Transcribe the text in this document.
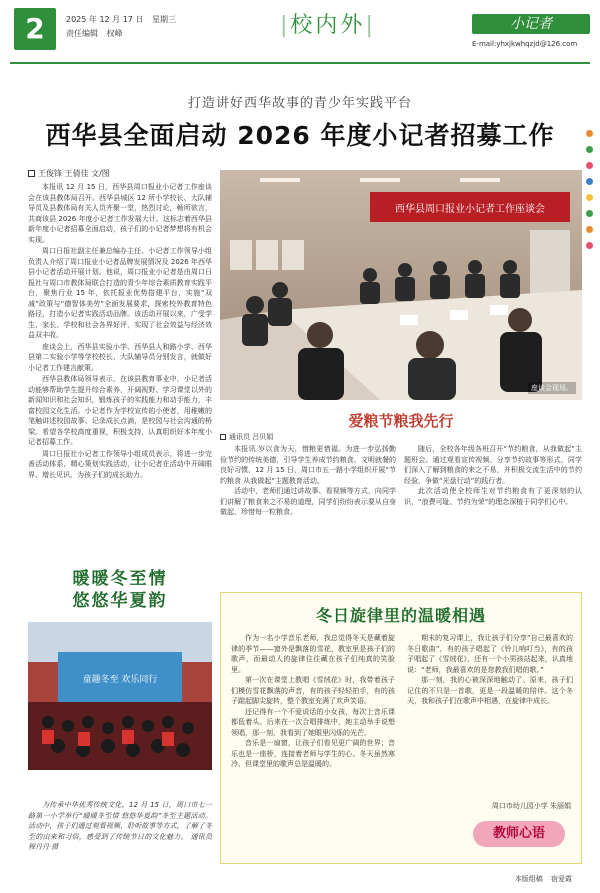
2	2025 年 12 月 17 日 星期三
责任编辑 权峰	|校内外|	小记者
E-mail:yhxjkwhqzjd@126.com
打造讲好西华故事的青少年实践平台
西华县全面启动 2026 年度小记者招募工作
王俊锋 王倩佳 文/图

本报讯 12 月 15 日，西华县周口报业小记者工作座谈会在该县教体局召开。西华县城区 12 所小学校长、大队辅导员及县教体局有关人员齐聚一堂，热烈讨论，畅所欲言，共商该县 2026 年度小记者工作发展大计。这标志着西华县新年度小记者招募全面启动，孩子们的小记者梦想将有机会实现。

周口日报社副主任兼总编办主任、小记者工作领导小组负责人介绍了周口报业小记者品牌发展情况及 2026 年西华县小记者活动开展计划。他说，周口报业小记者是由周口日报社与周口市教体局联合打造的青少年综合素质教育实践平台，聚焦行业 15 年，依托报业优势搭建平台，实施“双减”政策与“德智体美劳”全面发展要求，探索校外教育特色路径，打造小记者实践活动品牌。该活动开展以来，广受学生、家长、学校和社会各界好评，实现了社会效益与经济效益双丰收。

座谈会上，西华县实验小学、西华县人和路小学、西华县第二实验小学等学校校长、大队辅导员分别发言，就做好小记者工作建言献策。

西华县教体局领导表示，在该县教育事业中，小记者活动能够帮助学生提升综合素养，开阔视野、学习课堂以外的新闻知识和社会知识，锻炼孩子的实践能力和动手能力，丰富校园文化生活。小记者作为学校宣传的小使者，用稚嫩的笔触讲述校园故事、记录成长点滴，是校园与社会沟通的桥梁。希望各学校高度重视，积极支持，认真组织好本年度小记者招募工作。

周口日报社小记者工作领导小组成员表示，将进一步完善活动体系，精心策划实践活动，让小记者在活动中开阔眼界、增长见识，为孩子们的成长助力。

西华县周口报业小记者工作座谈会
座谈会现场。
爱粮节粮我先行
通讯员 吕贝娟

本报讯 岁以食为天，惜粮更惜福。为进一步弘扬勤俭节约的传统美德，引导学生养成节约粮食、文明就餐的良好习惯，12 月 15 日，周口市五一路小学组织开展“节约粮食 从我做起”主题教育活动。

活动中，老师们通过讲故事、看视频等方式，向同学们讲解了粮食来之不易的道理，同学们纷纷表示要从自身做起，珍惜每一粒粮食。

随后，全校各年级各班召开“节约粮食，从我做起”主题班会。通过观看宣传视频、分享节约故事等形式，同学们深入了解到粮食的来之不易，并积极交流生活中的节约经验，争做“光盘行动”的践行者。

此次活动使全校师生对节约粮食有了更深刻的认识，“浪费可耻、节约为荣”的理念深植于同学们心中。

暖暖冬至情
悠悠华夏韵
童趣冬至 欢乐同行

为传承中华优秀传统文化，12 月 15 日，周口市七一路第一小学举行“暖暖冬至情 悠悠华夏韵”冬至主题活动。活动中，孩子们通过观看视频、聆听故事等方式，了解了冬至的由来和习俗，感受到了传统节日的文化魅力。 通讯员 穆丹丹 摄

冬日旋律里的温暖相遇

作为一名小学音乐老师，我总觉得冬天是藏着旋律的季节——窗外是飘落的雪花，教室里是孩子们的歌声，而最动人的旋律往往藏在孩子们纯真的笑脸里。

第一次在课堂上教唱《雪绒花》时，我带着孩子们模仿雪花飘落的声音，有的孩子轻轻拍手，有的孩子踮起脚尖旋转，整个教室充满了欢声笑语。

还记得有一个不爱说话的小女孩，每次上音乐课都低着头。后来在一次合唱排练中，她主动举手说想领唱，那一刻，我看到了她眼里闪烁的光芒。

音乐是一扇窗，让孩子们看见更广阔的世界；音乐也是一座桥，连接着老师与学生的心。冬天虽然寒冷，但课堂里的歌声总是温暖的。

期末的复习课上，我让孩子们分享“自己最喜欢的冬日歌曲”，有的孩子唱起了《铃儿响叮当》，有的孩子唱起了《雪绒花》，还有一个小男孩站起来，认真地说：“老师，我最喜欢的是您教我们唱的歌。”

那一刻，我的心被深深地触动了。原来，孩子们记住的不只是一首歌，更是一段温暖的陪伴。这个冬天，我和孩子们在歌声中相遇，在旋律中成长。

周口市幼儿园小学 朱丽娟
教师心语
本版组稿 宿爱霞
